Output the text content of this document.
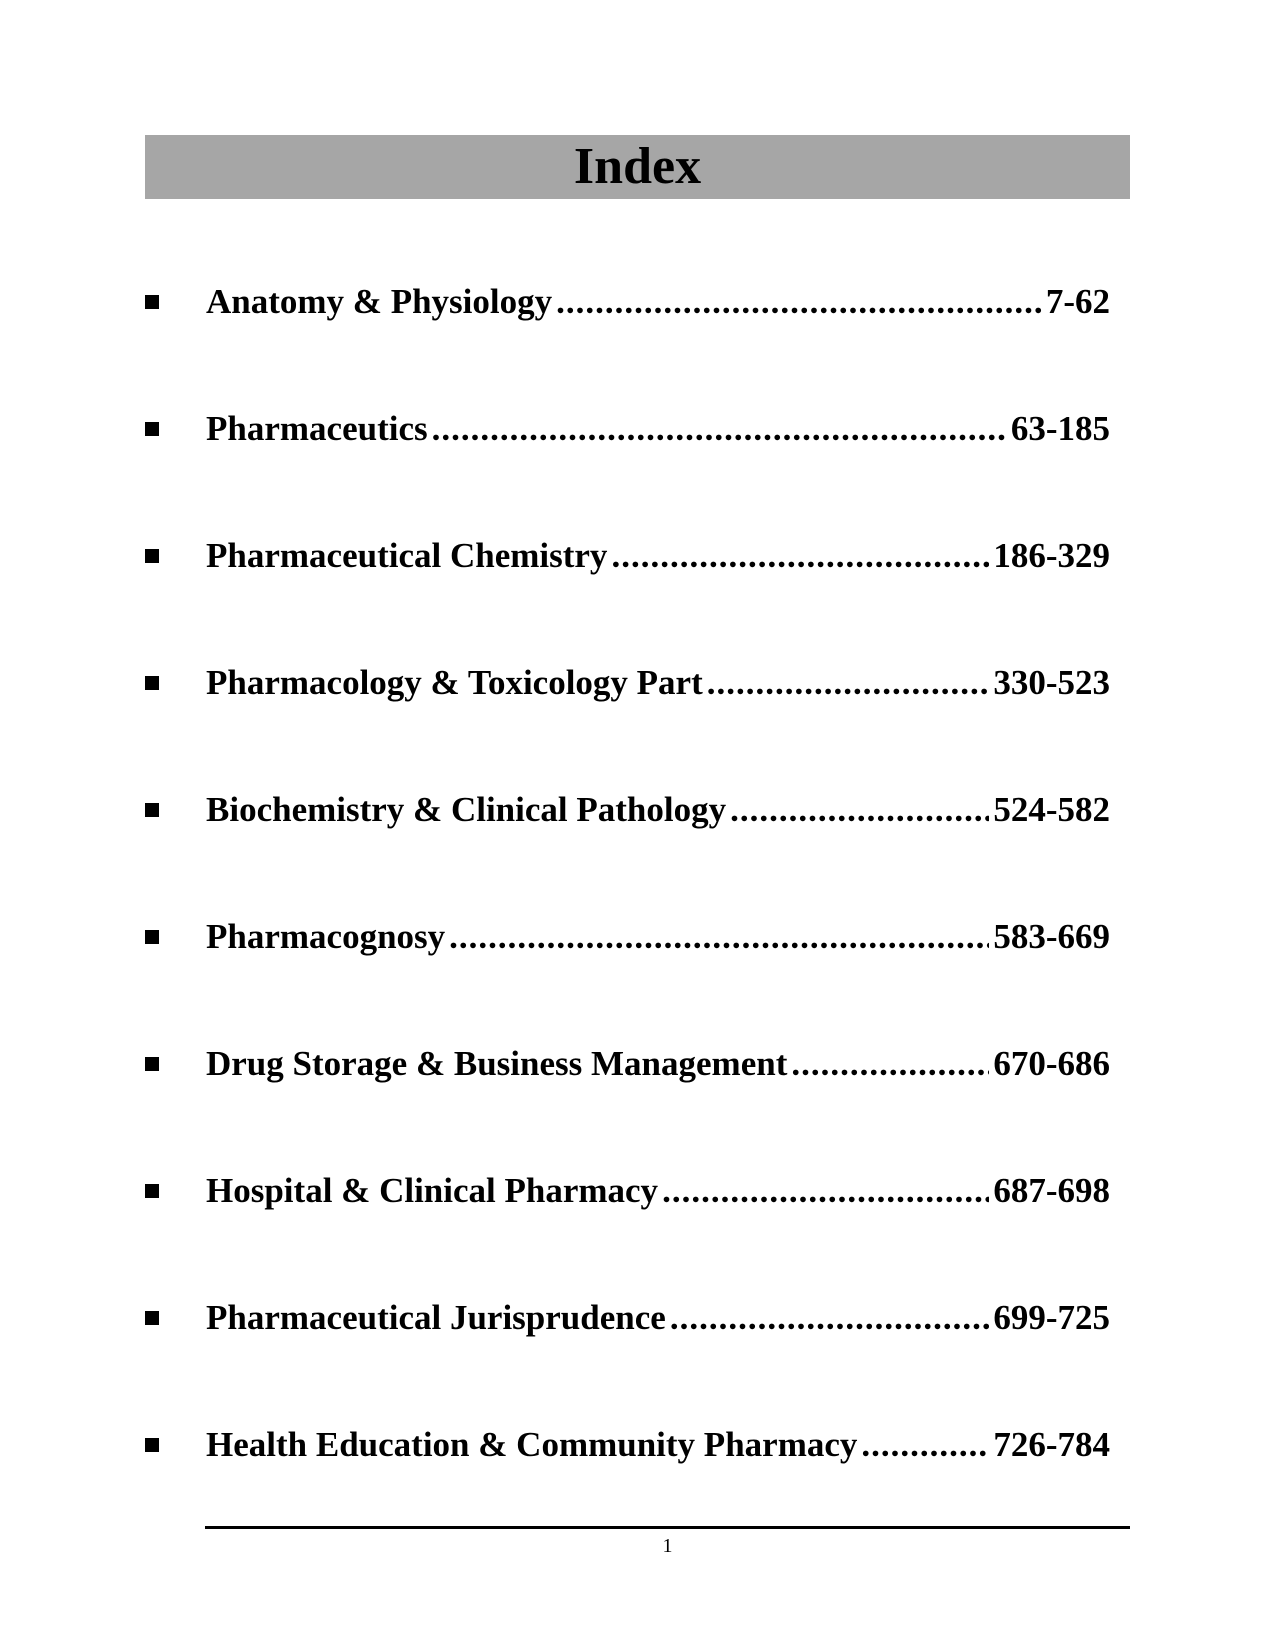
Index
Anatomy & Physiology .....	7-62
Pharmaceutics .....	63-185
Pharmaceutical Chemistry .....	186-329
Pharmacology & Toxicology Part .....	330-523
Biochemistry & Clinical Pathology .....	524-582
Pharmacognosy .....	583-669
Drug Storage & Business Management .....	670-686
Hospital & Clinical Pharmacy .....	687-698
Pharmaceutical Jurisprudence .....	699-725
Health Education & Community Pharmacy .....	726-784
1
